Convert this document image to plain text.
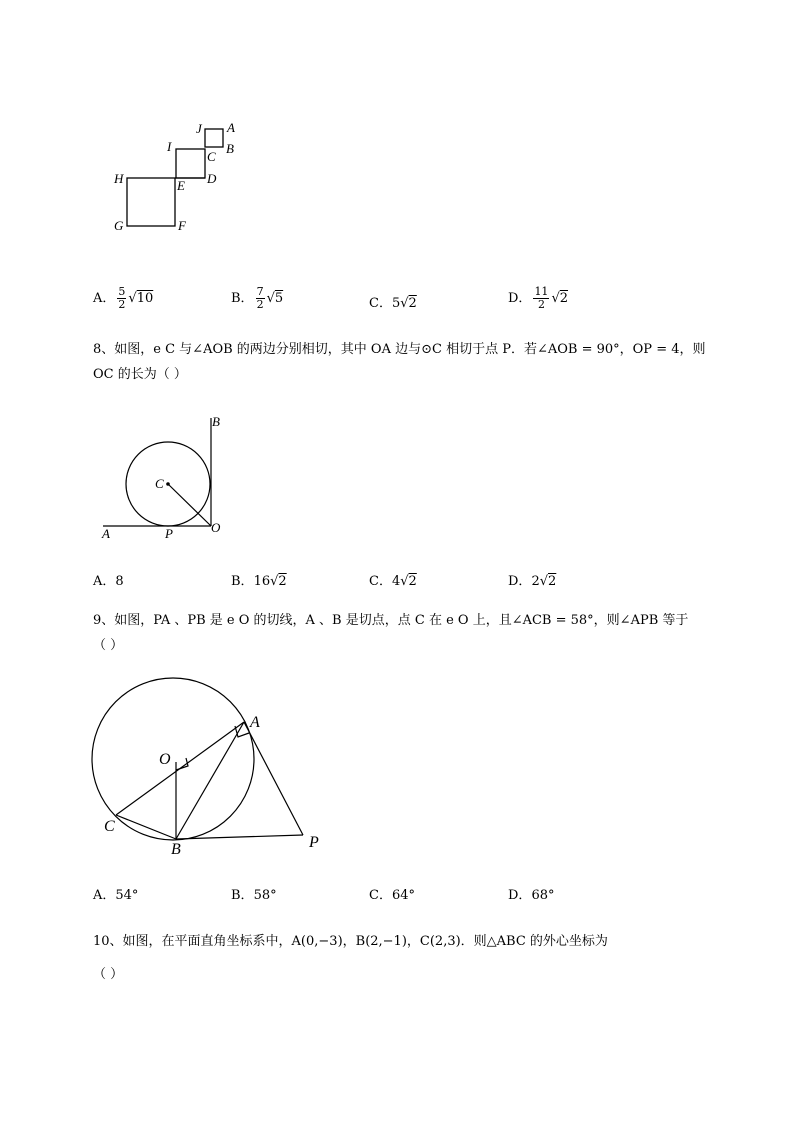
J A
I
C
B
H	E D
G	F
A． $\frac{5}{2} √10$	B． $\frac{7}{2} √5$	C．5√2	D． $\frac{11}{2} √2$
8、如图，e C 与∠AOB 的两边分别相切，其中 OA 边与⊙C 相切于点 P．若∠AOB = 90°，OP = 4，则
OC 的长为（ ）
B
C
O
A	P
A．8	B．16√2	C．4√2	D．2√2
9、如图，PA 、PB 是 e O 的切线，A 、B 是切点，点 C 在 e O 上，且∠ACB = 58°，则∠APB 等于
（ ）
A
O
C
B	P
A．54°	B．58°	C．64°	D．68°
10、如图，在平面直角坐标系中，A(0,−3)，B(2,−1)，C(2,3)．则△ABC 的外心坐标为
（ ）
